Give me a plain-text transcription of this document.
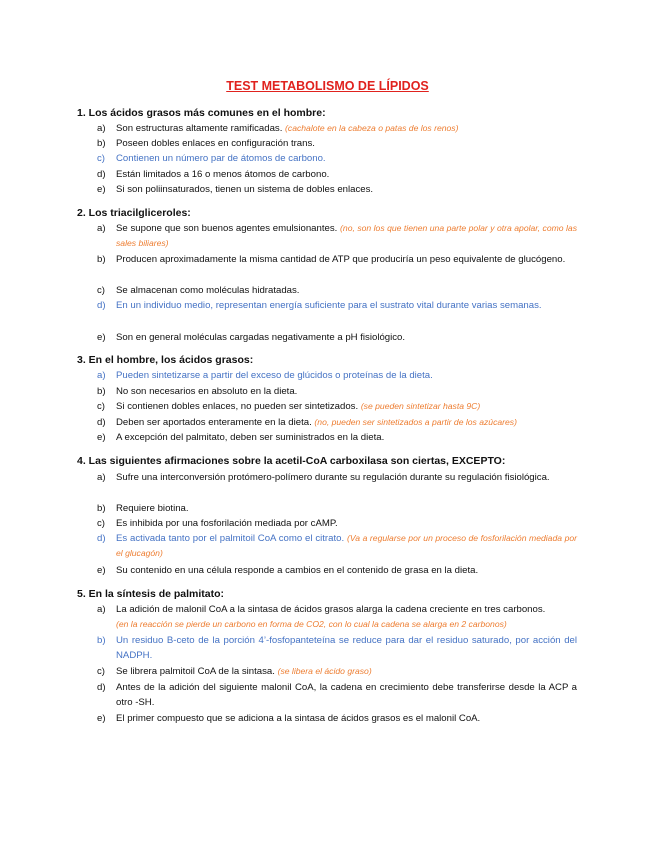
TEST METABOLISMO DE LÍPIDOS
1. Los ácidos grasos más comunes en el hombre:
a) Son estructuras altamente ramificadas. (cachalote en la cabeza o patas de los renos)
b) Poseen dobles enlaces en configuración trans.
c) Contienen un número par de átomos de carbono.
d) Están limitados a 16 o menos átomos de carbono.
e) Si son poliinsaturados, tienen un sistema de dobles enlaces.
2. Los triacilgliceroles:
a) Se supone que son buenos agentes emulsionantes. (no, son los que tienen una parte polar y otra apolar, como las sales biliares)
b) Producen aproximadamente la misma cantidad de ATP que produciría un peso equivalente de glucógeno.
c) Se almacenan como moléculas hidratadas.
d) En un individuo medio, representan energía suficiente para el sustrato vital durante varias semanas.
e) Son en general moléculas cargadas negativamente a pH fisiológico.
3. En el hombre, los ácidos grasos:
a) Pueden sintetizarse a partir del exceso de glúcidos o proteínas de la dieta.
b) No son necesarios en absoluto en la dieta.
c) Si contienen dobles enlaces, no pueden ser sintetizados. (se pueden sintetizar hasta 9C)
d) Deben ser aportados enteramente en la dieta. (no, pueden ser sintetizados a partir de los azúcares)
e) A excepción del palmitato, deben ser suministrados en la dieta.
4. Las siguientes afirmaciones sobre la acetil-CoA carboxilasa son ciertas, EXCEPTO:
a) Sufre una interconversión protómero-polímero durante su regulación durante su regulación fisiológica.
b) Requiere biotina.
c) Es inhibida por una fosforilación mediada por cAMP.
d) Es activada tanto por el palmitoil CoA como el citrato. (Va a regularse por un proceso de fosforilación mediada por el glucagón)
e) Su contenido en una célula responde a cambios en el contenido de grasa en la dieta.
5. En la síntesis de palmitato:
a) La adición de malonil CoA a la sintasa de ácidos grasos alarga la cadena creciente en tres carbonos.
(en la reacción se pierde un carbono en forma de CO2, con lo cual la cadena se alarga en 2 carbonos)
b) Un residuo B-ceto de la porción 4’-fosfopanteteína se reduce para dar el residuo saturado, por acción del NADPH.
c) Se librera palmitoil CoA de la sintasa. (se libera el ácido graso)
d) Antes de la adición del siguiente malonil CoA, la cadena en crecimiento debe transferirse desde la ACP a otro -SH.
e) El primer compuesto que se adiciona a la sintasa de ácidos grasos es el malonil CoA.
